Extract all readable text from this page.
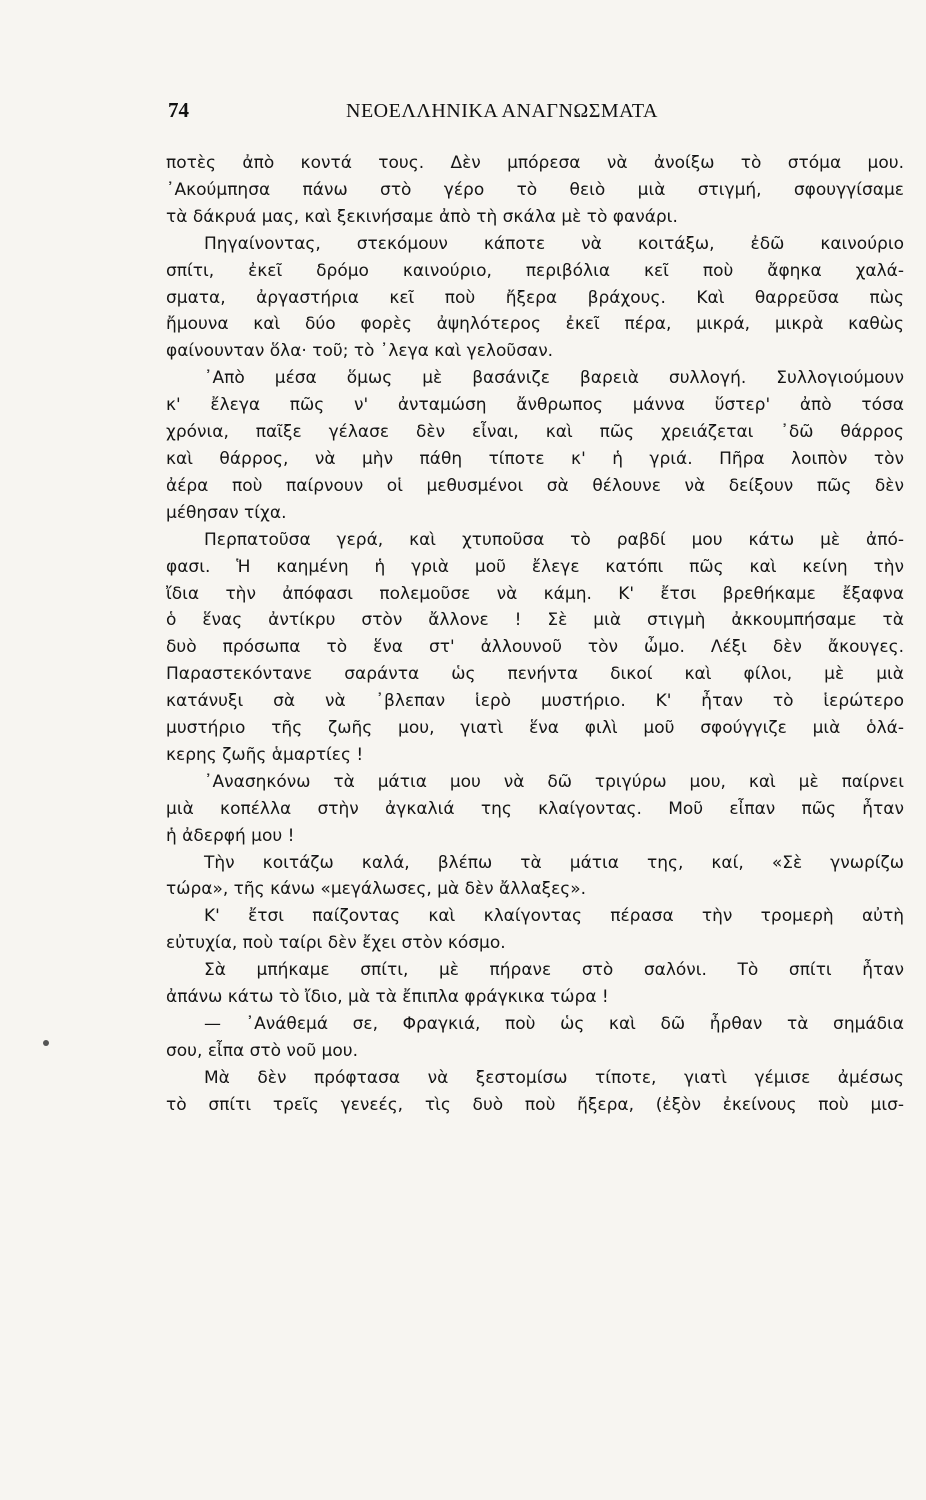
74	ΝΕΟΕΛΛΗΝΙΚΑ ΑΝΑΓΝΩΣΜΑΤΑ
ποτὲς ἀπὸ κοντά τους. Δὲν μπόρεσα νὰ ἀνοίξω τὸ στόμα μου.
᾿Ακούμπησα πάνω στὸ γέρο τὸ θειὸ μιὰ στιγμή, σφουγγίσαμε
τὰ δάκρυά μας, καὶ ξεκινήσαμε ἀπὸ τὴ σκάλα μὲ τὸ φανάρι.
Πηγαίνοντας, στεκόμουν κάποτε νὰ κοιτάξω, ἐδῶ καινούριο
σπίτι, ἐκεῖ δρόμο καινούριο, περιβόλια κεῖ ποὺ ἄφηκα χαλά-
σματα, ἀργαστήρια κεῖ ποὺ ἤξερα βράχους. Καὶ θαρρεῦσα πὼς
ἤμουνα καὶ δύο φορὲς ἀψηλότερος ἐκεῖ πέρα, μικρά, μικρὰ καθὼς
φαίνουνταν ὅλα· τοῦ; τὸ ᾿λεγα καὶ γελοῦσαν.
᾿Απὸ μέσα ὅμως μὲ βασάνιζε βαρειὰ συλλογή. Συλλογιούμουν
κ' ἔλεγα πῶς ν' ἀνταμώση ἄνθρωπος μάννα ὕστερ' ἀπὸ τόσα
χρόνια, παῖξε γέλασε δὲν εἶναι, καὶ πῶς χρειάζεται ᾽δῶ θάρρος
καὶ θάρρος, νὰ μὴν πάθη τίποτε κ' ἡ γριά. Πῆρα λοιπὸν τὸν
ἀέρα ποὺ παίρνουν οἱ μεθυσμένοι σὰ θέλουνε νὰ δείξουν πῶς δὲν
μέθησαν τίχα.
Περπατοῦσα γερά, καὶ χτυποῦσα τὸ ραβδί μου κάτω μὲ ἀπό-
φασι. Ἡ καημένη ἡ γριὰ μοῦ ἔλεγε κατόπι πῶς καὶ κείνη τὴν
ἴδια τὴν ἀπόφασι πολεμοῦσε νὰ κάμη. Κ' ἔτσι βρεθήκαμε ἔξαφνα
ὁ ἕνας ἀντίκρυ στὸν ἄλλονε ! Σὲ μιὰ στιγμὴ ἀκκουμπήσαμε τὰ
δυὸ πρόσωπα τὸ ἕνα στ' ἀλλουνοῦ τὸν ὦμο. Λέξι δὲν ἄκουγες.
Παραστεκόντανε σαράντα ὡς πενήντα δικοί καὶ φίλοι, μὲ μιὰ
κατάνυξι σὰ νὰ ᾽βλεπαν ἱερὸ μυστήριο. Κ' ἦταν τὸ ἱερώτερο
μυστήριο τῆς ζωῆς μου, γιατὶ ἕνα φιλὶ μοῦ σφούγγιζε μιὰ ὁλά-
κερης ζωῆς ἁμαρτίες !
᾿Ανασηκόνω τὰ μάτια μου νὰ δῶ τριγύρω μου, καὶ μὲ παίρνει
μιὰ κοπέλλα στὴν ἀγκαλιά της κλαίγοντας. Μοῦ εἶπαν πῶς ἦταν
ἡ ἀδερφή μου !
Τὴν κοιτάζω καλά, βλέπω τὰ μάτια της, καί, «Σὲ γνωρίζω
τώρα», τῆς κάνω «μεγάλωσες, μὰ δὲν ἄλλαξες».
Κ' ἔτσι παίζοντας καὶ κλαίγοντας πέρασα τὴν τρομερὴ αὐτὴ
εὐτυχία, ποὺ ταίρι δὲν ἔχει στὸν κόσμο.
Σὰ μπήκαμε σπίτι, μὲ πήρανε στὸ σαλόνι. Τὸ σπίτι ἦταν
ἀπάνω κάτω τὸ ἴδιο, μὰ τὰ ἔπιπλα φράγκικα τώρα !
— ᾿Ανάθεμά σε, Φραγκιά, ποὺ ὡς καὶ δῶ ἦρθαν τὰ σημάδια
σου, εἶπα στὸ νοῦ μου.
Μὰ δὲν πρόφτασα νὰ ξεστομίσω τίποτε, γιατὶ γέμισε ἀμέσως
τὸ σπίτι τρεῖς γενεές, τὶς δυὸ ποὺ ἤξερα, (ἐξὸν ἐκείνους ποὺ μισ-
